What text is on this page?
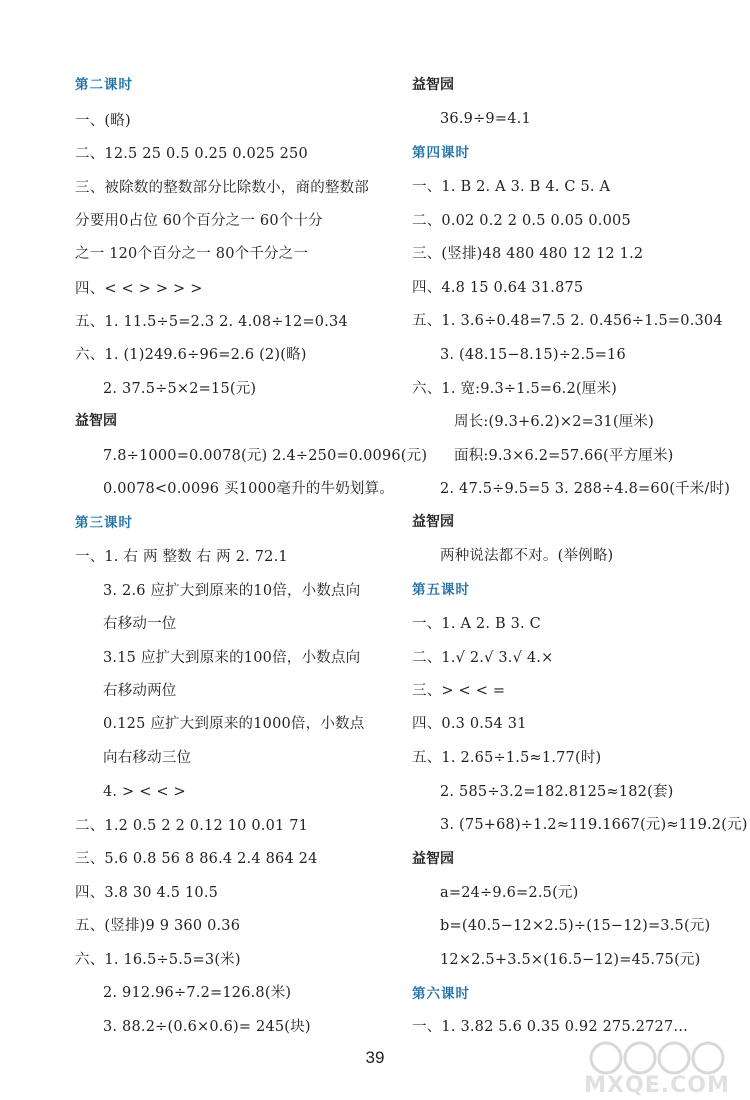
第二课时
一、(略)
二、12.5 25 0.5 0.25 0.025 250
三、被除数的整数部分比除数小，商的整数部
分要用0占位 60个百分之一 60个十分
之一 120个百分之一 80个千分之一
四、< < > > > >
五、1. 11.5÷5=2.3 2. 4.08÷12=0.34
六、1. (1)249.6÷96=2.6 (2)(略)
2. 37.5÷5×2=15(元)
益智园
7.8÷1000=0.0078(元) 2.4÷250=0.0096(元)
0.0078<0.0096 买1000毫升的牛奶划算。
第三课时
一、1. 右 两 整数 右 两 2. 72.1
3. 2.6 应扩大到原来的10倍，小数点向
右移动一位
3.15 应扩大到原来的100倍，小数点向
右移动两位
0.125 应扩大到原来的1000倍，小数点
向右移动三位
4. > < < >
二、1.2 0.5 2 2 0.12 10 0.01 71
三、5.6 0.8 56 8 86.4 2.4 864 24
四、3.8 30 4.5 10.5
五、(竖排)9 9 360 0.36
六、1. 16.5÷5.5=3(米)
2. 912.96÷7.2=126.8(米)
3. 88.2÷(0.6×0.6)= 245(块)
益智园
36.9÷9=4.1
第四课时
一、1. B 2. A 3. B 4. C 5. A
二、0.02 0.2 2 0.5 0.05 0.005
三、(竖排)48 480 480 12 12 1.2
四、4.8 15 0.64 31.875
五、1. 3.6÷0.48=7.5 2. 0.456÷1.5=0.304
3. (48.15−8.15)÷2.5=16
六、1. 宽:9.3÷1.5=6.2(厘米)
周长:(9.3+6.2)×2=31(厘米)
面积:9.3×6.2=57.66(平方厘米)
2. 47.5÷9.5=5 3. 288÷4.8=60(千米/时)
益智园
两种说法都不对。(举例略)
第五课时
一、1. A 2. B 3. C
二、1.√ 2.√ 3.√ 4.×
三、> < < =
四、0.3 0.54 31
五、1. 2.65÷1.5≈1.77(时)
2. 585÷3.2=182.8125≈182(套)
3. (75+68)÷1.2≈119.1667(元)≈119.2(元)
益智园
a=24÷9.6=2.5(元)
b=(40.5−12×2.5)÷(15−12)=3.5(元)
12×2.5+3.5×(16.5−12)=45.75(元)
第六课时
一、1. 3.82 5.6 0.35 0.92 275.2727…
39
MXQE.COM
